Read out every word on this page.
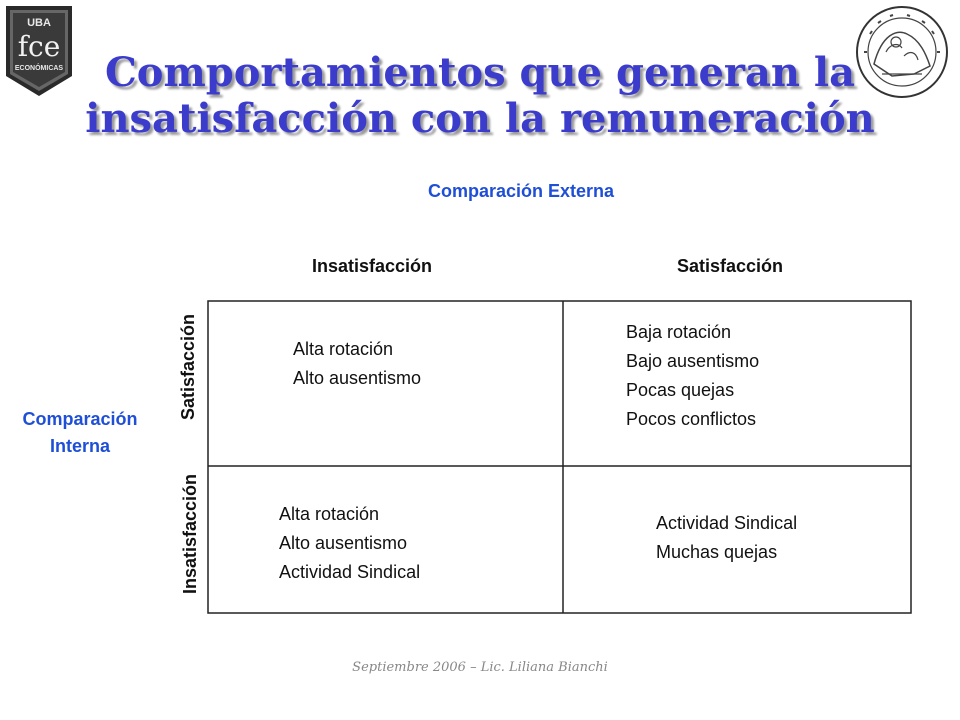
UBA
fce
ECONÓMICAS	Comportamientos que generan la
insatisfacción con la remuneración
Comparación Externa
Comparación
Interna
Insatisfacción	Satisfacción
Satisfacción
Insatisfacción
Alta rotación
Alto ausentismo
Baja rotación
Bajo ausentismo
Pocas quejas
Pocos conflictos
Alta rotación
Alto ausentismo
Actividad Sindical
Actividad Sindical
Muchas quejas
Septiembre 2006 – Lic. Liliana Bianchi
